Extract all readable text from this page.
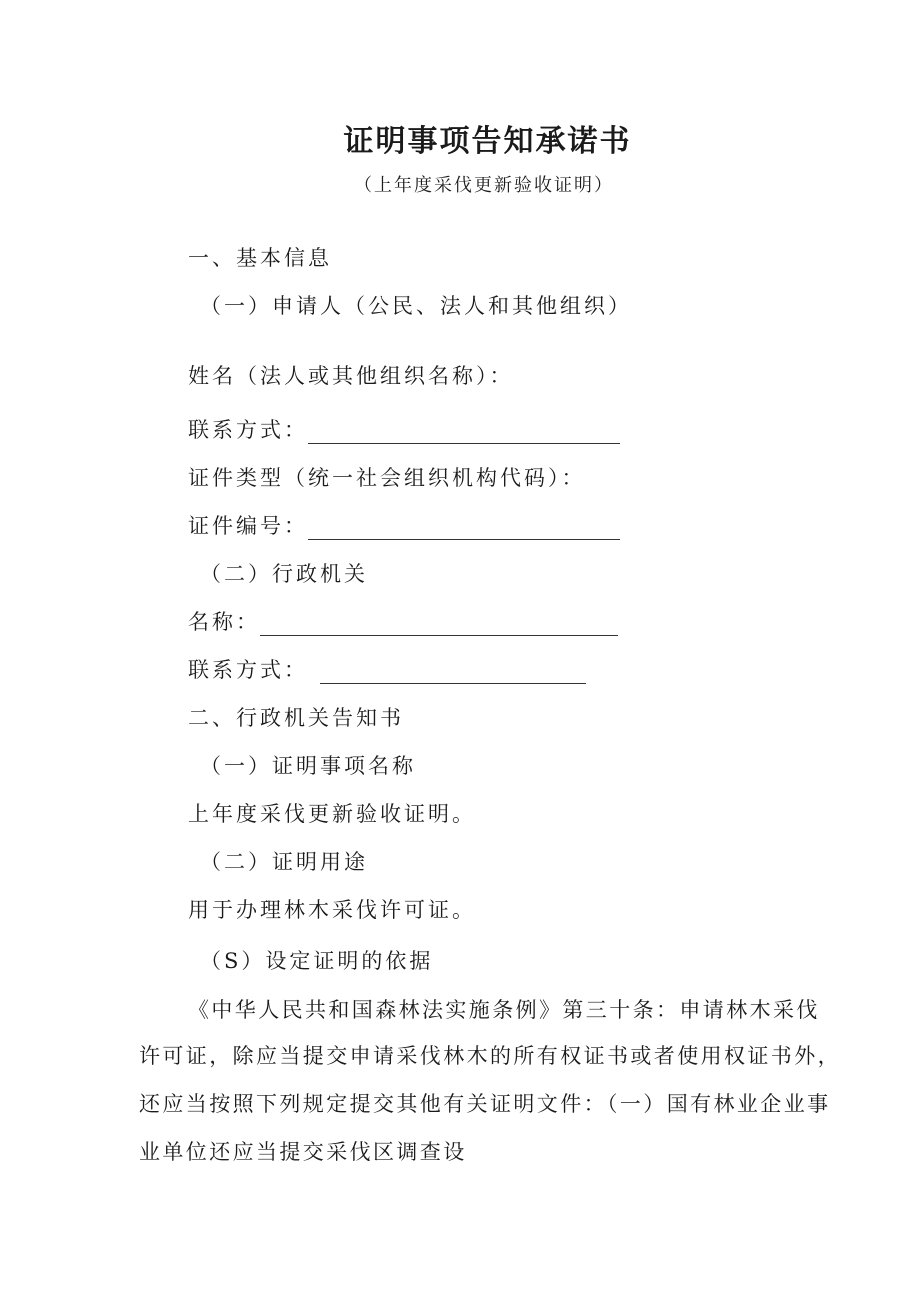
证明事项告知承诺书
（上年度采伐更新验收证明）
一、基本信息
（一）申请人（公民、法人和其他组织）
姓名（法人或其他组织名称）：
联系方式：
证件类型（统一社会组织机构代码）：
证件编号：
（二）行政机关
名称：
联系方式：
二、行政机关告知书
（一）证明事项名称
上年度采伐更新验收证明。
（二）证明用途
用于办理林木采伐许可证。
（S）设定证明的依据
《中华人民共和国森林法实施条例》第三十条：申请林木采伐
许可证，除应当提交申请采伐林木的所有权证书或者使用权证书外，
还应当按照下列规定提交其他有关证明文件：（一）国有林业企业事
业单位还应当提交采伐区调查设
